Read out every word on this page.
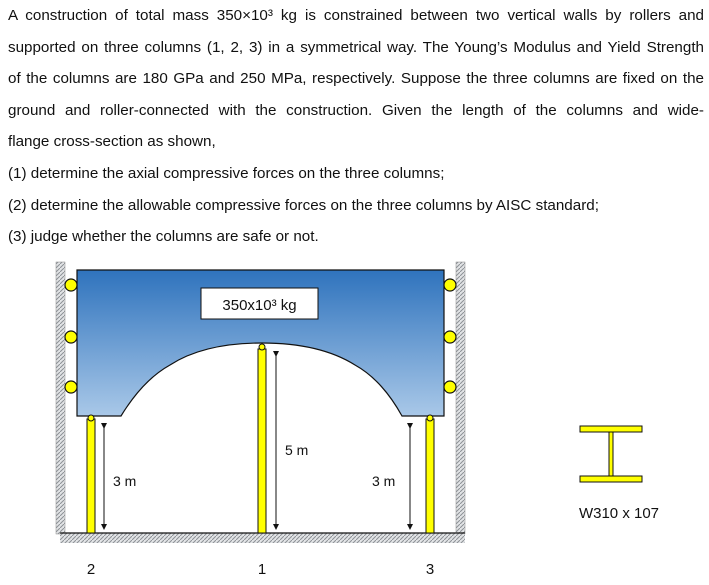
A construction of total mass 350×10³ kg is constrained between two vertical walls by rollers and

supported on three columns (1, 2, 3) in a symmetrical way. The Young’s Modulus and Yield Strength

of the columns are 180 GPa and 250 MPa, respectively. Suppose the three columns are fixed on the

ground and roller-connected with the construction. Given the length of the columns and wide-

flange cross-section as shown,

(1) determine the axial compressive forces on the three columns;

(2) determine the allowable compressive forces on the three columns by AISC standard;

(3) judge whether the columns are safe or not.

350x10³ kg
3 m
5 m
3 m
2	1	3
W310 x 107
